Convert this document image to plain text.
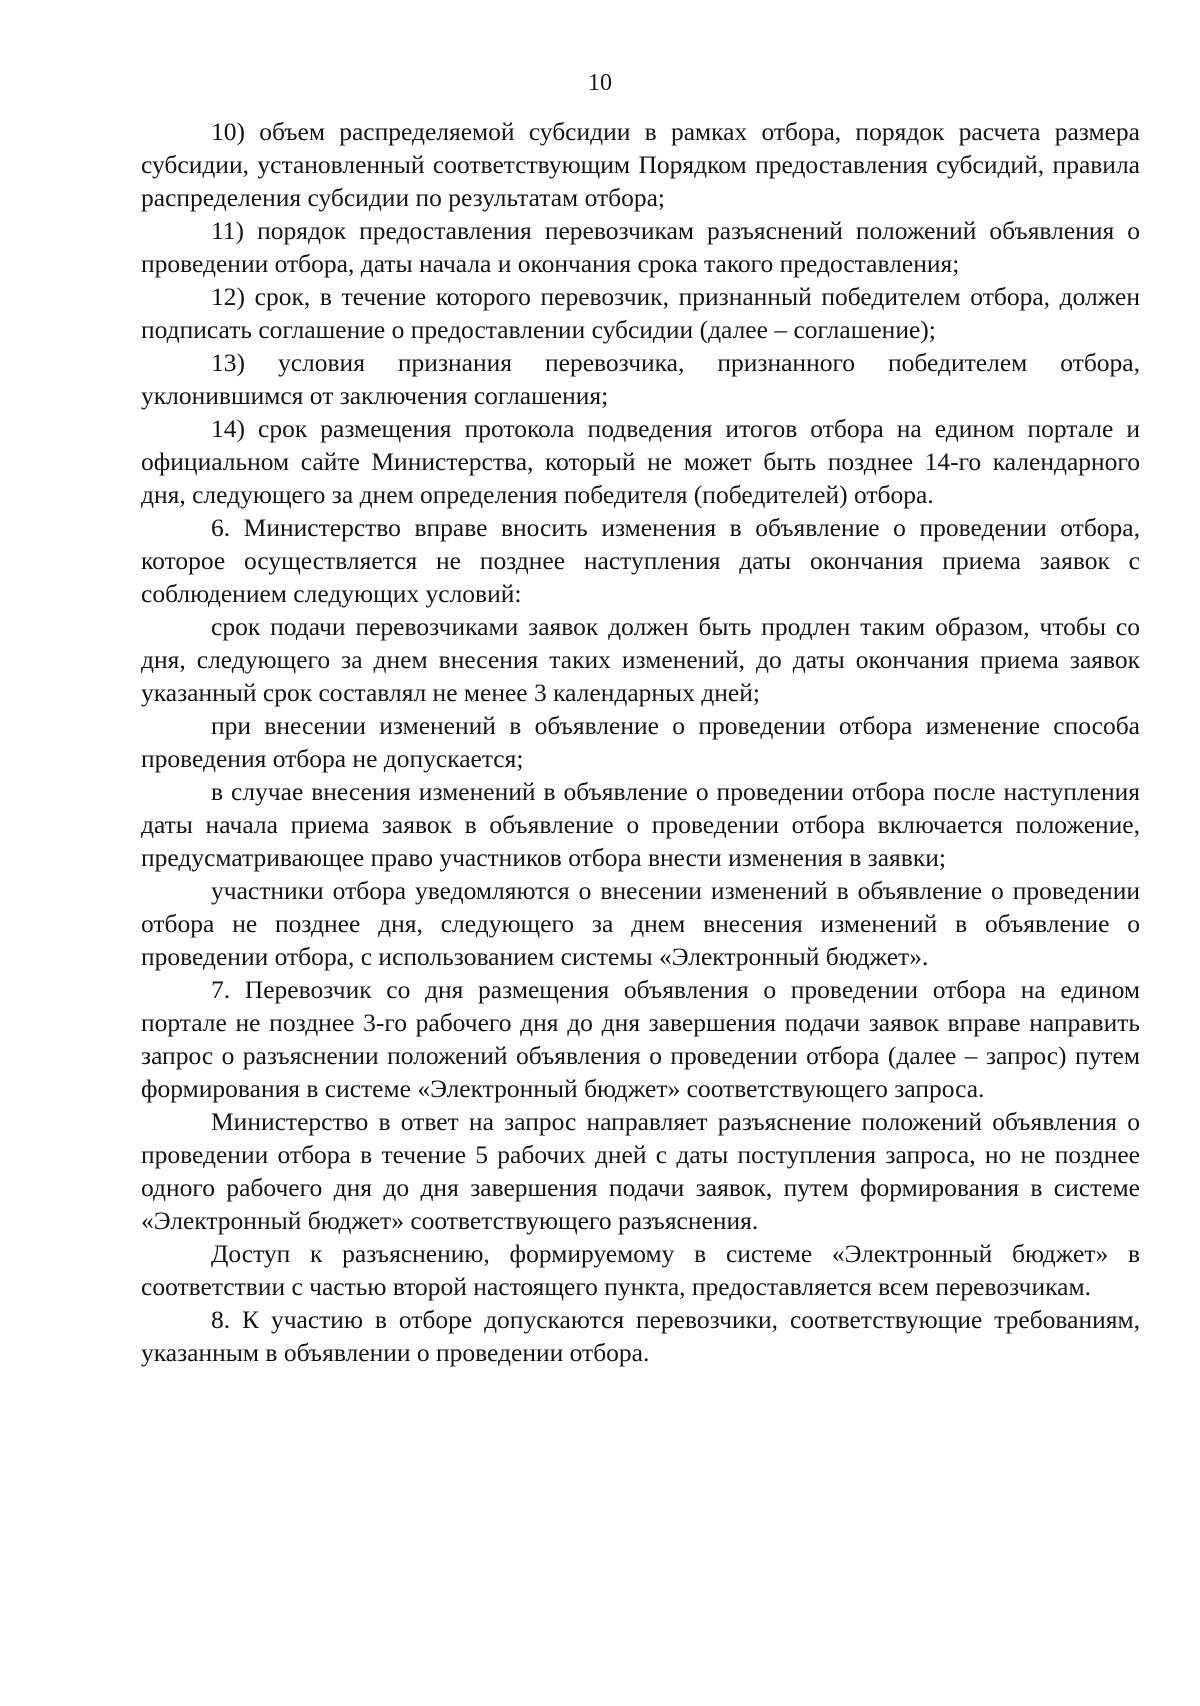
10

10) объем распределяемой субсидии в рамках отбора, порядок расчета размера субсидии, установленный соответствующим Порядком предоставления субсидий, правила распределения субсидии по результатам отбора;

11) порядок предоставления перевозчикам разъяснений положений объявления о проведении отбора, даты начала и окончания срока такого предоставления;

12) срок, в течение которого перевозчик, признанный победителем отбора, должен подписать соглашение о предоставлении субсидии (далее – соглашение);

13) условия признания перевозчика, признанного победителем отбора, уклонившимся от заключения соглашения;

14) срок размещения протокола подведения итогов отбора на едином портале и официальном сайте Министерства, который не может быть позднее 14-го календарного дня, следующего за днем определения победителя (победителей) отбора.

6. Министерство вправе вносить изменения в объявление о проведении отбора, которое осуществляется не позднее наступления даты окончания приема заявок с соблюдением следующих условий:

срок подачи перевозчиками заявок должен быть продлен таким образом, чтобы со дня, следующего за днем внесения таких изменений, до даты окончания приема заявок указанный срок составлял не менее 3 календарных дней;

при внесении изменений в объявление о проведении отбора изменение способа проведения отбора не допускается;

в случае внесения изменений в объявление о проведении отбора после наступления даты начала приема заявок в объявление о проведении отбора включается положение, предусматривающее право участников отбора внести изменения в заявки;

участники отбора уведомляются о внесении изменений в объявление о проведении отбора не позднее дня, следующего за днем внесения изменений в объявление о проведении отбора, с использованием системы «Электронный бюджет».

7. Перевозчик со дня размещения объявления о проведении отбора на едином портале не позднее 3-го рабочего дня до дня завершения подачи заявок вправе направить запрос о разъяснении положений объявления о проведении отбора (далее – запрос) путем формирования в системе «Электронный бюджет» соответствующего запроса.

Министерство в ответ на запрос направляет разъяснение положений объявления о проведении отбора в течение 5 рабочих дней с даты поступления запроса, но не позднее одного рабочего дня до дня завершения подачи заявок, путем формирования в системе «Электронный бюджет» соответствующего разъяснения.

Доступ к разъяснению, формируемому в системе «Электронный бюджет» в соответствии с частью второй настоящего пункта, предоставляется всем перевозчикам.

8. К участию в отборе допускаются перевозчики, соответствующие требованиям, указанным в объявлении о проведении отбора.
